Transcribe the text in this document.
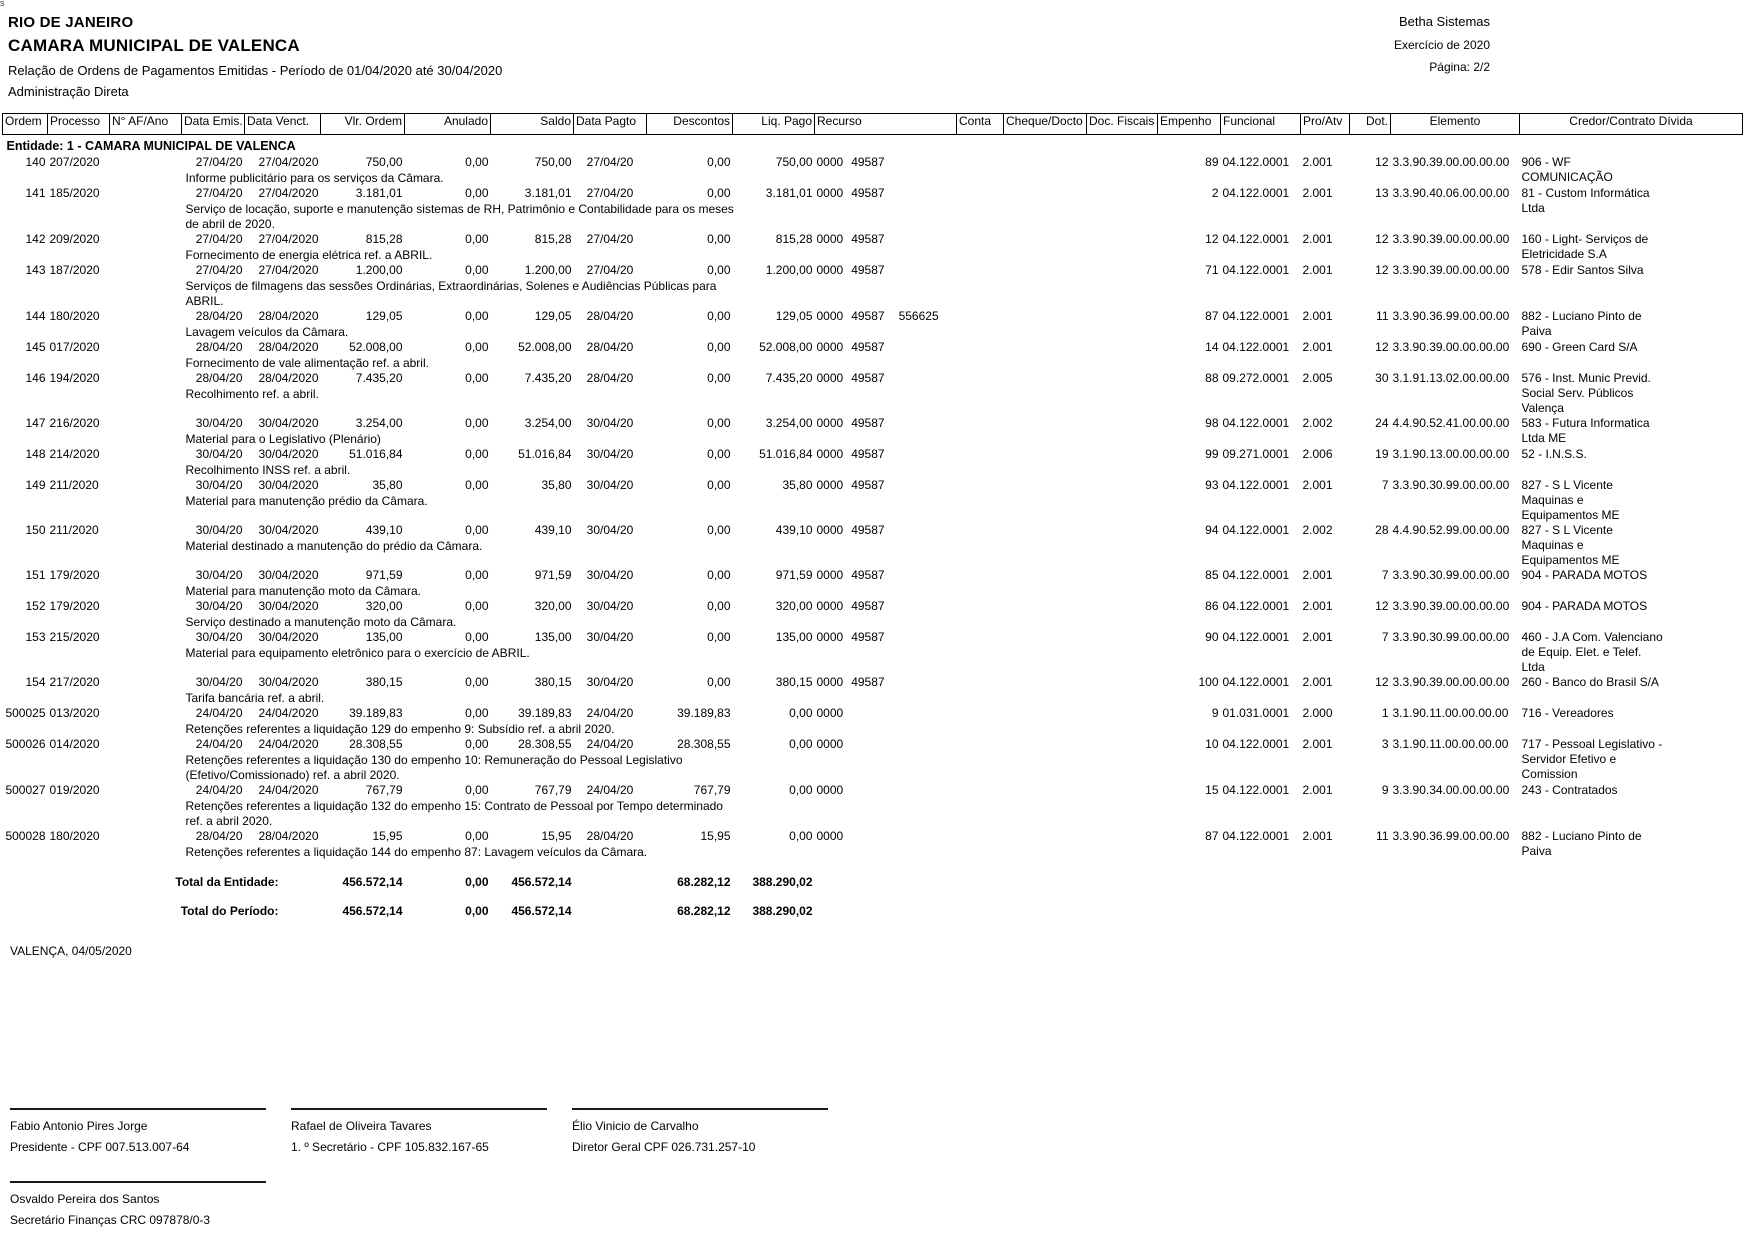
s
Betha Sistemas
Exercício de 2020
Página: 2/2
RIO DE JANEIRO
CAMARA MUNICIPAL DE VALENCA
Relação de Ordens de Pagamentos Emitidas - Período de 01/04/2020 até 30/04/2020
Administração Direta
Ordem	Processo	N° AF/Ano	Data Emis.	Data Venct.	Vlr. Ordem	Anulado	Saldo	Data Pagto	Descontos	Liq. Pago	Recurso	Conta	Cheque/Docto	Doc. Fiscais	Empenho	Funcional	Pro/Atv	Dot.	Elemento	Credor/Contrato Dívida
Entidade: 1 - CAMARA MUNICIPAL DE VALENCA																				
140	207/2020		27/04/20	27/04/2020	750,00	0,00	750,00	27/04/20	0,00	750,00	0000 49587				89	04.122.0001	2.001	12	3.3.90.39.00.00.00.00	906 - WF COMUNICAÇÃO

			Informe publicitário para os serviços da Câmara.																	

141	185/2020		27/04/20	27/04/2020	3.181,01	0,00	3.181,01	27/04/20	0,00	3.181,01	0000 49587				2	04.122.0001	2.001	13	3.3.90.40.06.00.00.00	81 - Custom Informática Ltda

			Serviço de locação, suporte e manutenção sistemas de RH, Patrimônio e Contabilidade para os meses de abril de 2020.																	

142	209/2020		27/04/20	27/04/2020	815,28	0,00	815,28	27/04/20	0,00	815,28	0000 49587				12	04.122.0001	2.001	12	3.3.90.39.00.00.00.00	160 - Light- Serviços de Eletricidade S.A

			Fornecimento de energia elétrica ref. a ABRIL.																	

143	187/2020		27/04/20	27/04/2020	1.200,00	0,00	1.200,00	27/04/20	0,00	1.200,00	0000 49587				71	04.122.0001	2.001	12	3.3.90.39.00.00.00.00	578 - Edir Santos Silva

			Serviços de filmagens das sessões Ordinárias, Extraordinárias, Solenes e Audiências Públicas para ABRIL.																	

144	180/2020		28/04/20	28/04/2020	129,05	0,00	129,05	28/04/20	0,00	129,05	0000 49587 556625				87	04.122.0001	2.001	11	3.3.90.36.99.00.00.00	882 - Luciano Pinto de Paiva

			Lavagem veículos da Câmara.																	

145	017/2020		28/04/20	28/04/2020	52.008,00	0,00	52.008,00	28/04/20	0,00	52.008,00	0000 49587				14	04.122.0001	2.001	12	3.3.90.39.00.00.00.00	690 - Green Card S/A

			Fornecimento de vale alimentação ref. a abril.																	

146	194/2020		28/04/20	28/04/2020	7.435,20	0,00	7.435,20	28/04/20	0,00	7.435,20	0000 49587				88	09.272.0001	2.005	30	3.1.91.13.02.00.00.00	576 - Inst. Munic Previd. Social Serv. Públicos Valença

			Recolhimento ref. a abril.																	

147	216/2020		30/04/20	30/04/2020	3.254,00	0,00	3.254,00	30/04/20	0,00	3.254,00	0000 49587				98	04.122.0001	2.002	24	4.4.90.52.41.00.00.00	583 - Futura Informatica Ltda ME

			Material para o Legislativo (Plenário)																	

148	214/2020		30/04/20	30/04/2020	51.016,84	0,00	51.016,84	30/04/20	0,00	51.016,84	0000 49587				99	09.271.0001	2.006	19	3.1.90.13.00.00.00.00	52 - I.N.S.S.

			Recolhimento INSS ref. a abril.																	

149	211/2020		30/04/20	30/04/2020	35,80	0,00	35,80	30/04/20	0,00	35,80	0000 49587				93	04.122.0001	2.001	7	3.3.90.30.99.00.00.00	827 - S L Vicente Maquinas e Equipamentos ME

			Material para manutenção prédio da Câmara.																	

150	211/2020		30/04/20	30/04/2020	439,10	0,00	439,10	30/04/20	0,00	439,10	0000 49587				94	04.122.0001	2.002	28	4.4.90.52.99.00.00.00	827 - S L Vicente Maquinas e Equipamentos ME

			Material destinado a manutenção do prédio da Câmara.																	

151	179/2020		30/04/20	30/04/2020	971,59	0,00	971,59	30/04/20	0,00	971,59	0000 49587				85	04.122.0001	2.001	7	3.3.90.30.99.00.00.00	904 - PARADA MOTOS

			Material para manutenção moto da Câmara.																	

152	179/2020		30/04/20	30/04/2020	320,00	0,00	320,00	30/04/20	0,00	320,00	0000 49587				86	04.122.0001	2.001	12	3.3.90.39.00.00.00.00	904 - PARADA MOTOS

			Serviço destinado a manutenção moto da Câmara.																	

153	215/2020		30/04/20	30/04/2020	135,00	0,00	135,00	30/04/20	0,00	135,00	0000 49587				90	04.122.0001	2.001	7	3.3.90.30.99.00.00.00	460 - J.A Com. Valenciano de Equip. Elet. e Telef. Ltda

			Material para equipamento eletrônico para o exercício de ABRIL.																	

154	217/2020		30/04/20	30/04/2020	380,15	0,00	380,15	30/04/20	0,00	380,15	0000 49587				100	04.122.0001	2.001	12	3.3.90.39.00.00.00.00	260 - Banco do Brasil S/A

			Tarifa bancária ref. a abril.																	

500025	013/2020		24/04/20	24/04/2020	39.189,83	0,00	39.189,83	24/04/20	39.189,83	0,00	0000				9	01.031.0001	2.000	1	3.1.90.11.00.00.00.00	716 - Vereadores

			Retenções referentes a liquidação 129 do empenho 9: Subsídio ref. a abril 2020.																	

500026	014/2020		24/04/20	24/04/2020	28.308,55	0,00	28.308,55	24/04/20	28.308,55	0,00	0000				10	04.122.0001	2.001	3	3.1.90.11.00.00.00.00	717 - Pessoal Legislativo - Servidor Efetivo e Comission

			Retenções referentes a liquidação 130 do empenho 10: Remuneração do Pessoal Legislativo (Efetivo/Comissionado) ref. a abril 2020.																	

500027	019/2020		24/04/20	24/04/2020	767,79	0,00	767,79	24/04/20	767,79	0,00	0000				15	04.122.0001	2.001	9	3.3.90.34.00.00.00.00	243 - Contratados

			Retenções referentes a liquidação 132 do empenho 15: Contrato de Pessoal por Tempo determinado ref. a abril 2020.																	

500028	180/2020		28/04/20	28/04/2020	15,95	0,00	15,95	28/04/20	15,95	0,00	0000				87	04.122.0001	2.001	11	3.3.90.36.99.00.00.00	882 - Luciano Pinto de Paiva

			Retenções referentes a liquidação 144 do empenho 87: Lavagem veículos da Câmara.																	

Total da Entidade:					456.572,14	0,00	456.572,14		68.282,12	388.290,02										
Total do Período:					456.572,14	0,00	456.572,14		68.282,12	388.290,02										
VALENÇA, 04/05/2020
Fabio Antonio Pires Jorge
Presidente - CPF 007.513.007-64
Rafael de Oliveira Tavares
1. º Secretário - CPF 105.832.167-65
Élio Vinicio de Carvalho
Diretor Geral CPF 026.731.257-10
Osvaldo Pereira dos Santos
Secretário Finanças CRC 097878/0-3
